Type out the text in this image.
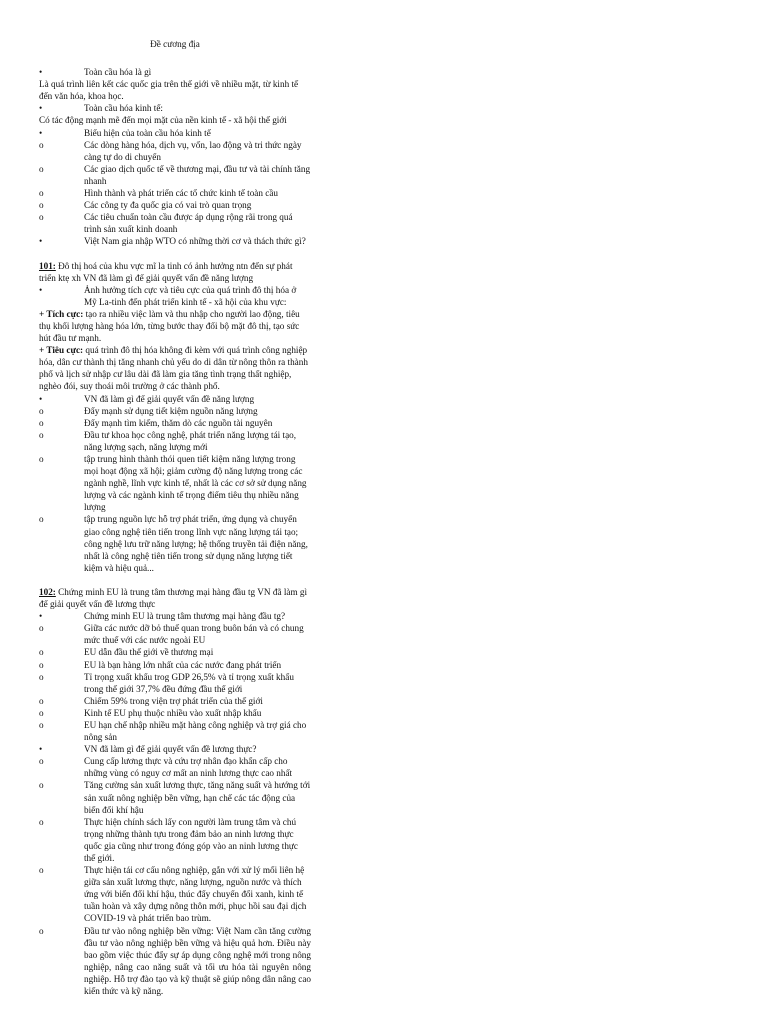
Đề cương địa

•	Toàn cầu hóa là gì

Là quá trình liên kết các quốc gia trên thế giới về nhiều mặt, từ kinh tế đến văn hóa, khoa học.

•	Toàn cầu hóa kinh tế:

Có tác động mạnh mẽ đến mọi mặt của nền kinh tế - xã hội thế giới

•	Biểu hiện của toàn cầu hóa kinh tế

o	Các dòng hàng hóa, dịch vụ, vốn, lao động và tri thức ngày càng tự do di chuyển

o	Các giao dịch quốc tế về thương mại, đầu tư và tài chính tăng nhanh

o	Hình thành và phát triển các tổ chức kinh tế toàn cầu

o	Các công ty đa quốc gia có vai trò quan trọng

o	Các tiêu chuẩn toàn cầu được áp dụng rộng rãi trong quá trình sản xuất kinh doanh

•	Việt Nam gia nhập WTO có những thời cơ và thách thức gì?

101: Đô thị hoá của khu vực mĩ la tinh có ảnh hưởng ntn đến sự phát triển ktẹ xh VN đã làm gì để giải quyết vấn đề năng lượng

•	Ảnh hưởng tích cực và tiêu cực của quá trình đô thị hóa ở Mỹ La-tinh đến phát triển kinh tế - xã hội của khu vực:

+ Tích cực: tạo ra nhiều việc làm và thu nhập cho người lao động, tiêu thụ khối lượng hàng hóa lớn, từng bước thay đổi bộ mặt đô thị, tạo sức hút đầu tư mạnh.

+ Tiêu cực: quá trình đô thị hóa không đi kèm với quá trình công nghiệp hóa, dân cư thành thị tăng nhanh chủ yếu do di dân từ nông thôn ra thành phố và lịch sử nhập cư lâu dài đã làm gia tăng tình trạng thất nghiệp, nghèo đói, suy thoái môi trường ở các thành phố.

•	VN đã làm gì để giải quyết vấn đề năng lượng

o	Đẩy mạnh sử dụng tiết kiệm nguồn năng lượng

o	Đẩy mạnh tìm kiếm, thăm dò các nguồn tài nguyên

o	Đầu tư khoa học công nghệ, phát triển năng lượng tái tạo, năng lượng sạch, năng lượng mới

o	tập trung hình thành thói quen tiết kiệm năng lượng trong mọi hoạt động xã hội; giảm cường độ năng lượng trong các ngành nghề, lĩnh vực kinh tế, nhất là các cơ sở sử dụng năng lượng và các ngành kinh tế trọng điểm tiêu thụ nhiều năng lượng

o	tập trung nguồn lực hỗ trợ phát triển, ứng dụng và chuyển giao công nghệ tiên tiến trong lĩnh vực năng lượng tái tạo; công nghệ lưu trữ năng lượng; hệ thống truyền tải điện năng, nhất là công nghệ tiên tiến trong sử dụng năng lượng tiết kiệm và hiệu quả...

102: Chứng minh EU là trung tâm thương mại hàng đầu tg VN đã làm gì để giải quyết vấn đề lương thực

•	Chứng minh EU là trung tâm thương mại hàng đầu tg?

o	Giữa các nước dỡ bỏ thuế quan trong buôn bán và có chung mức thuế với các nước ngoài EU

o	EU dẫn đầu thế giới về thương mại

o	EU là bạn hàng lớn nhất của các nước đang phát triển

o	Tỉ trọng xuất khẩu trog GDP 26,5% và tỉ trọng xuất khẩu trong thế giới 37,7% đều đứng đầu thế giới

o	Chiếm 59% trong viện trợ phát triển của thế giới

o	Kinh tế EU phụ thuộc nhiều vào xuất nhập khẩu

o	EU hạn chế nhập nhiều mặt hàng công nghiệp và trợ giá cho nông sản

•	VN đã làm gì để giải quyết vấn đề lương thực?

o	Cung cấp lương thực và cứu trợ nhân đạo khẩn cấp cho những vùng có nguy cơ mất an ninh lương thực cao nhất

o	Tăng cường sản xuất lương thực, tăng năng suất và hướng tới sản xuất nông nghiệp bền vững, hạn chế các tác động của biến đổi khí hậu

o	Thực hiện chính sách lấy con người làm trung tâm và chú trọng những thành tựu trong đảm bảo an ninh lương thực quốc gia cũng như trong đóng góp vào an ninh lương thực thế giới.

o	Thực hiện tái cơ cấu nông nghiệp, gắn với xử lý mối liên hệ giữa sản xuất lương thực, năng lượng, nguồn nước và thích ứng với biến đổi khí hậu, thúc đẩy chuyển đổi xanh, kinh tế tuần hoàn và xây dựng nông thôn mới, phục hồi sau đại dịch COVID-19 và phát triển bao trùm.

o	Đầu tư vào nông nghiệp bền vững: Việt Nam cần tăng cường đầu tư vào nông nghiệp bền vững và hiệu quả hơn. Điều này bao gồm việc thúc đẩy sự áp dụng công nghệ mới trong nông nghiệp, nâng cao năng suất và tối ưu hóa tài nguyên nông nghiệp. Hỗ trợ đào tạo và kỹ thuật sẽ giúp nông dân nâng cao kiến thức và kỹ năng.
